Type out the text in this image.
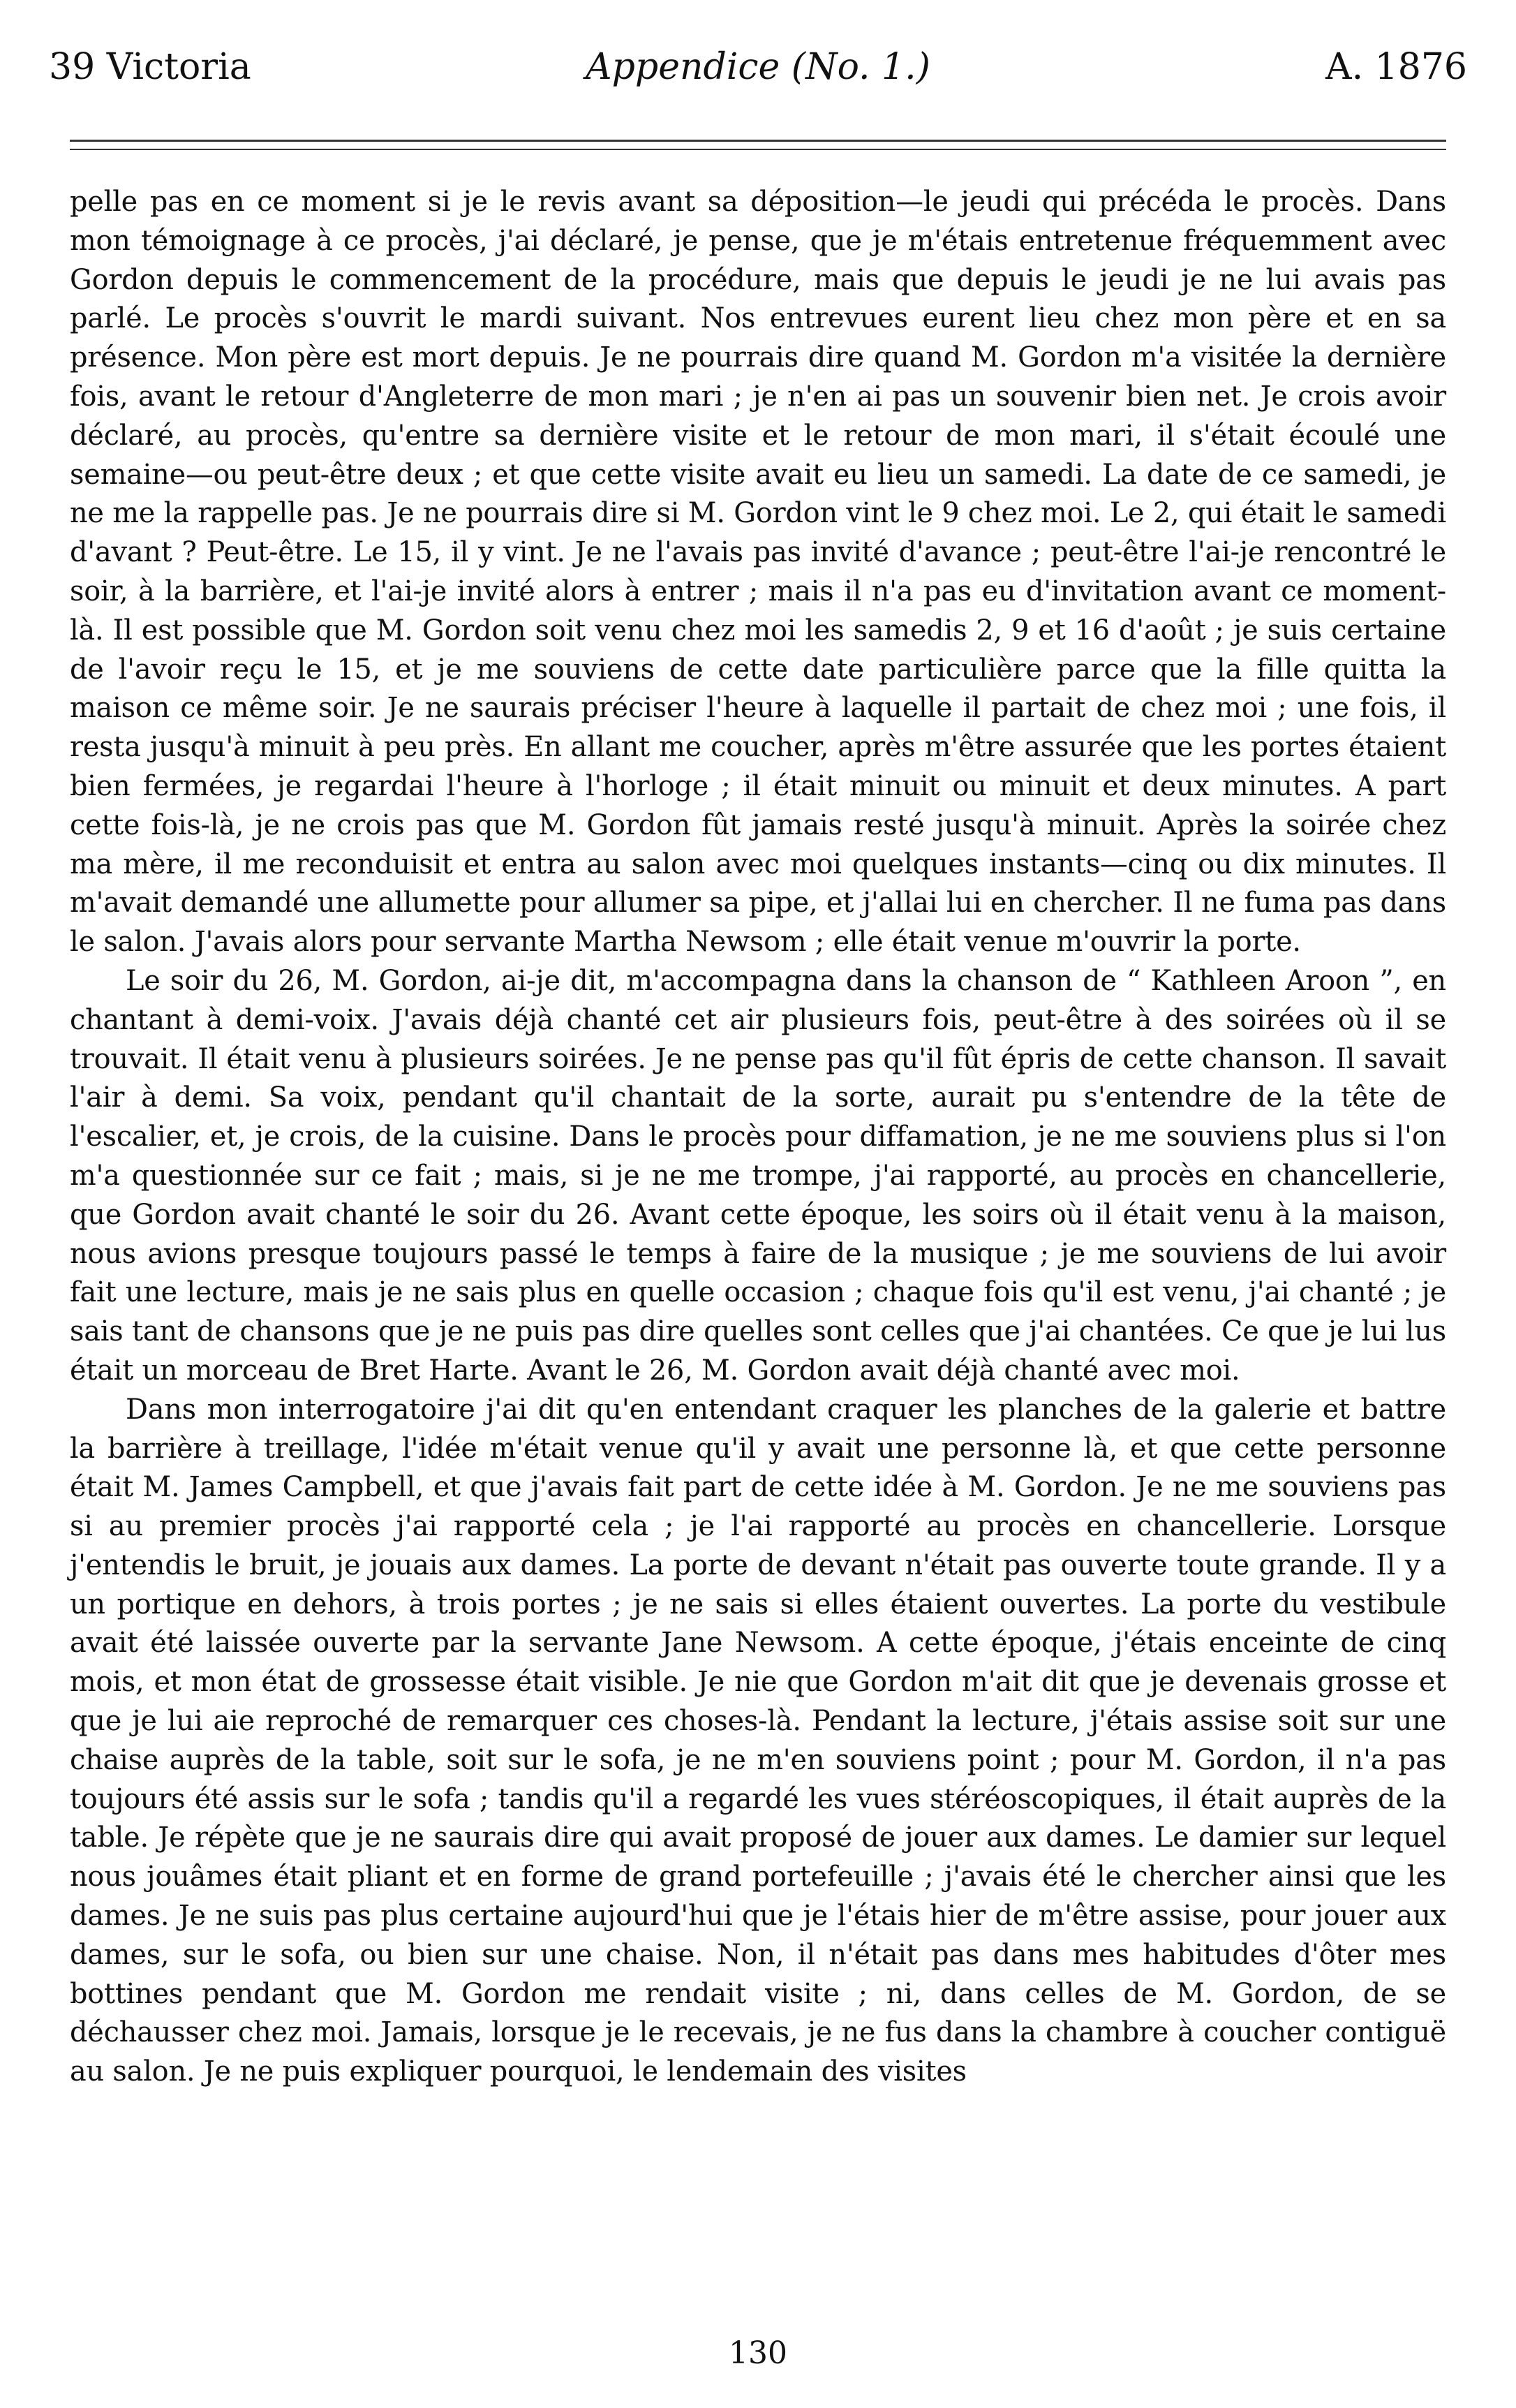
39 Victoria	Appendice (No. 1.)	A. 1876

pelle pas en ce moment si je le revis avant sa déposition—le jeudi qui précéda le procès. Dans mon témoignage à ce procès, j'ai déclaré, je pense, que je m'étais entretenue fréquemment avec Gordon depuis le commencement de la procédure, mais que depuis le jeudi je ne lui avais pas parlé. Le procès s'ouvrit le mardi suivant. Nos entrevues eurent lieu chez mon père et en sa présence. Mon père est mort depuis. Je ne pourrais dire quand M. Gordon m'a visitée la dernière fois, avant le retour d'Angleterre de mon mari ; je n'en ai pas un souvenir bien net. Je crois avoir déclaré, au procès, qu'entre sa dernière visite et le retour de mon mari, il s'était écoulé une semaine—ou peut-être deux ; et que cette visite avait eu lieu un samedi. La date de ce samedi, je ne me la rappelle pas. Je ne pourrais dire si M. Gordon vint le 9 chez moi. Le 2, qui était le samedi d'avant ? Peut-être. Le 15, il y vint. Je ne l'avais pas invité d'avance ; peut-être l'ai-je rencontré le soir, à la barrière, et l'ai-je invité alors à entrer ; mais il n'a pas eu d'invitation avant ce moment-là. Il est possible que M. Gordon soit venu chez moi les samedis 2, 9 et 16 d'août ; je suis certaine de l'avoir reçu le 15, et je me souviens de cette date particulière parce que la fille quitta la maison ce même soir. Je ne saurais préciser l'heure à laquelle il partait de chez moi ; une fois, il resta jusqu'à minuit à peu près. En allant me coucher, après m'être assurée que les portes étaient bien fermées, je regardai l'heure à l'horloge ; il était minuit ou minuit et deux minutes. A part cette fois-là, je ne crois pas que M. Gordon fût jamais resté jusqu'à minuit. Après la soirée chez ma mère, il me reconduisit et entra au salon avec moi quelques instants—cinq ou dix minutes. Il m'avait demandé une allumette pour allumer sa pipe, et j'allai lui en chercher. Il ne fuma pas dans le salon. J'avais alors pour servante Martha Newsom ; elle était venue m'ouvrir la porte.

Le soir du 26, M. Gordon, ai-je dit, m'accompagna dans la chanson de “ Kathleen Aroon ”, en chantant à demi-voix. J'avais déjà chanté cet air plusieurs fois, peut-être à des soirées où il se trouvait. Il était venu à plusieurs soirées. Je ne pense pas qu'il fût épris de cette chanson. Il savait l'air à demi. Sa voix, pendant qu'il chantait de la sorte, aurait pu s'entendre de la tête de l'escalier, et, je crois, de la cuisine. Dans le procès pour diffamation, je ne me souviens plus si l'on m'a questionnée sur ce fait ; mais, si je ne me trompe, j'ai rapporté, au procès en chancellerie, que Gordon avait chanté le soir du 26. Avant cette époque, les soirs où il était venu à la maison, nous avions presque toujours passé le temps à faire de la musique ; je me souviens de lui avoir fait une lecture, mais je ne sais plus en quelle occasion ; chaque fois qu'il est venu, j'ai chanté ; je sais tant de chansons que je ne puis pas dire quelles sont celles que j'ai chantées. Ce que je lui lus était un morceau de Bret Harte. Avant le 26, M. Gordon avait déjà chanté avec moi.

Dans mon interrogatoire j'ai dit qu'en entendant craquer les planches de la galerie et battre la barrière à treillage, l'idée m'était venue qu'il y avait une personne là, et que cette personne était M. James Campbell, et que j'avais fait part de cette idée à M. Gordon. Je ne me souviens pas si au premier procès j'ai rapporté cela ; je l'ai rapporté au procès en chancellerie. Lorsque j'entendis le bruit, je jouais aux dames. La porte de devant n'était pas ouverte toute grande. Il y a un portique en dehors, à trois portes ; je ne sais si elles étaient ouvertes. La porte du vestibule avait été laissée ouverte par la servante Jane Newsom. A cette époque, j'étais enceinte de cinq mois, et mon état de grossesse était visible. Je nie que Gordon m'ait dit que je devenais grosse et que je lui aie reproché de remarquer ces choses-là. Pendant la lecture, j'étais assise soit sur une chaise auprès de la table, soit sur le sofa, je ne m'en souviens point ; pour M. Gordon, il n'a pas toujours été assis sur le sofa ; tandis qu'il a regardé les vues stéréoscopiques, il était auprès de la table. Je répète que je ne saurais dire qui avait proposé de jouer aux dames. Le damier sur lequel nous jouâmes était pliant et en forme de grand portefeuille ; j'avais été le chercher ainsi que les dames. Je ne suis pas plus certaine aujourd'hui que je l'étais hier de m'être assise, pour jouer aux dames, sur le sofa, ou bien sur une chaise. Non, il n'était pas dans mes habitudes d'ôter mes bottines pendant que M. Gordon me rendait visite ; ni, dans celles de M. Gordon, de se déchausser chez moi. Jamais, lorsque je le recevais, je ne fus dans la chambre à coucher contiguë au salon. Je ne puis expliquer pourquoi, le lendemain des visites

130
